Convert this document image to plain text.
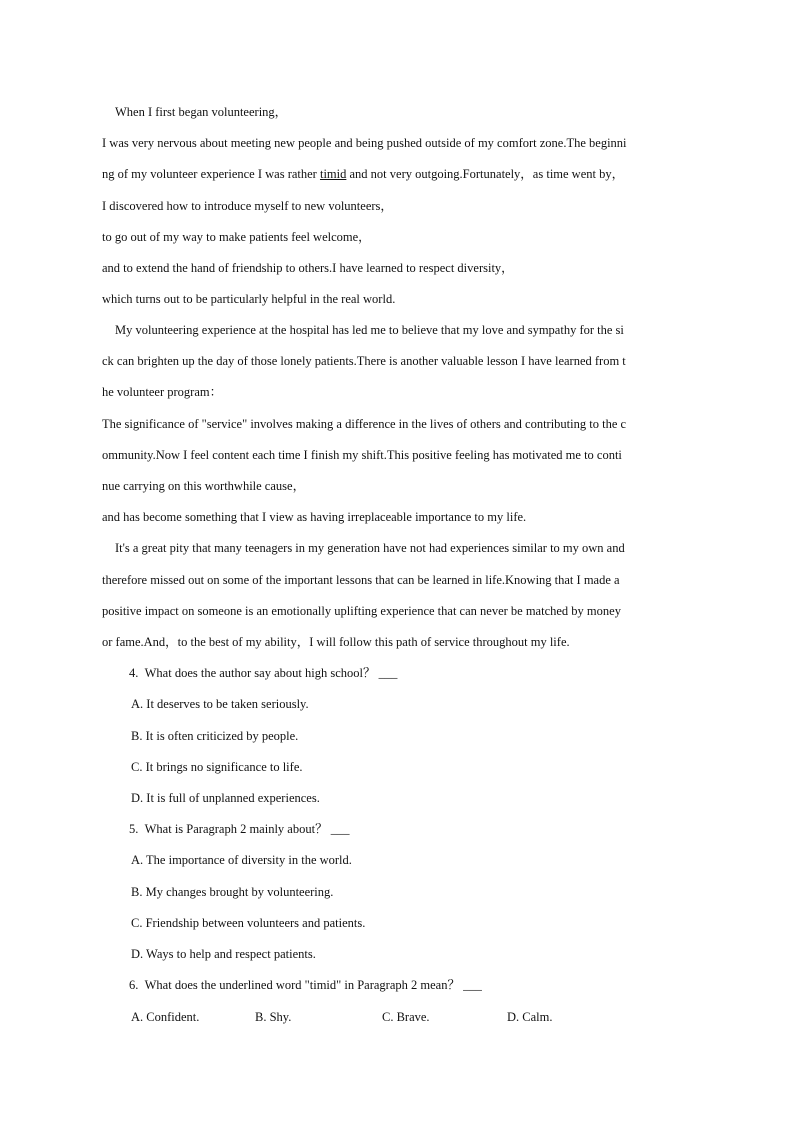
When I first began volunteering，
I was very nervous about meeting new people and being pushed outside of my comfort zone.The beginni
ng of my volunteer experience I was rather timid and not very outgoing.Fortunately，as time went by，
I discovered how to introduce myself to new volunteers，
to go out of my way to make patients feel welcome，
and to extend the hand of friendship to others.I have learned to respect diversity，
which turns out to be particularly helpful in the real world.
My volunteering experience at the hospital has led me to believe that my love and sympathy for the si
ck can brighten up the day of those lonely patients.There is another valuable lesson I have learned from t
he volunteer program：
The significance of "service" involves making a difference in the lives of others and contributing to the c
ommunity.Now I feel content each time I finish my shift.This positive feeling has motivated me to conti
nue carrying on this worthwhile cause，
and has become something that I view as having irreplaceable importance to my life.
It's a great pity that many teenagers in my generation have not had experiences similar to my own and
therefore missed out on some of the important lessons that can be learned in life.Knowing that I made a
positive impact on someone is an emotionally uplifting experience that can never be matched by money
or fame.And，to the best of my ability，I will follow this path of service throughout my life.
4. What does the author say about high school？ ___
A. It deserves to be taken seriously.
B. It is often criticized by people.
C. It brings no significance to life.
D. It is full of unplanned experiences.
5. What is Paragraph 2 mainly about？ ___
A. The importance of diversity in the world.
B. My changes brought by volunteering.
C. Friendship between volunteers and patients.
D. Ways to help and respect patients.
6. What does the underlined word "timid" in Paragraph 2 mean？ ___
A. Confident.	B. Shy.	C. Brave.	D. Calm.
